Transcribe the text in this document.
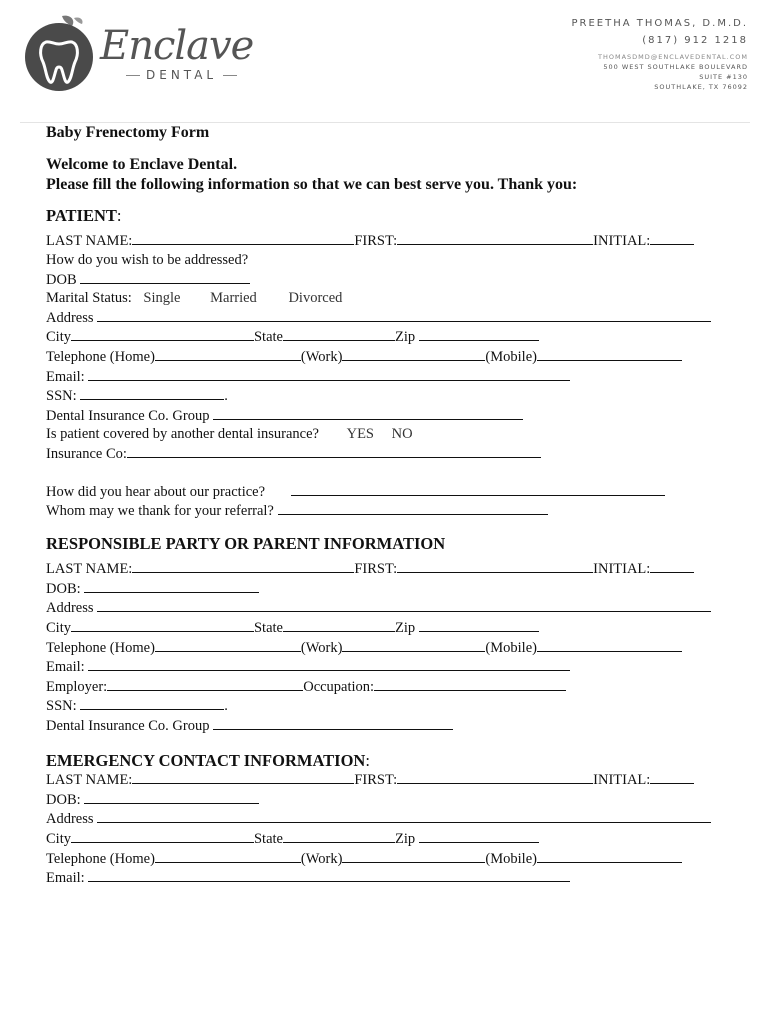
Enclave
DENTAL
PREETHA THOMAS, D.M.D.
(817) 912 1218
THOMASDMD@ENCLAVEDENTAL.COM
500 WEST SOUTHLAKE BOULEVARD
SUITE #130
SOUTHLAKE, TX 76092
Baby Frenectomy Form
Welcome to Enclave Dental.
Please fill the following information so that we can best serve you. Thank you:
PATIENT:
LAST NAME:	FIRST:	INITIAL:
How do you wish to be addressed?
DOB
Marital Status: Single Married Divorced
Address
City	State	Zip
Telephone (Home)	(Work)	(Mobile)
Email:
SSN:	.
Dental Insurance Co. Group
Is patient covered by another dental insurance? YES NO
Insurance Co:
How did you hear about our practice?
Whom may we thank for your referral?
RESPONSIBLE PARTY OR PARENT INFORMATION
LAST NAME:	FIRST:	INITIAL:
DOB:
Address
City	State	Zip
Telephone (Home)	(Work)	(Mobile)
Email:
Employer:	Occupation:
SSN:	.
Dental Insurance Co. Group
EMERGENCY CONTACT INFORMATION:
LAST NAME:	FIRST:	INITIAL:
DOB:
Address
City	State	Zip
Telephone (Home)	(Work)	(Mobile)
Email:
